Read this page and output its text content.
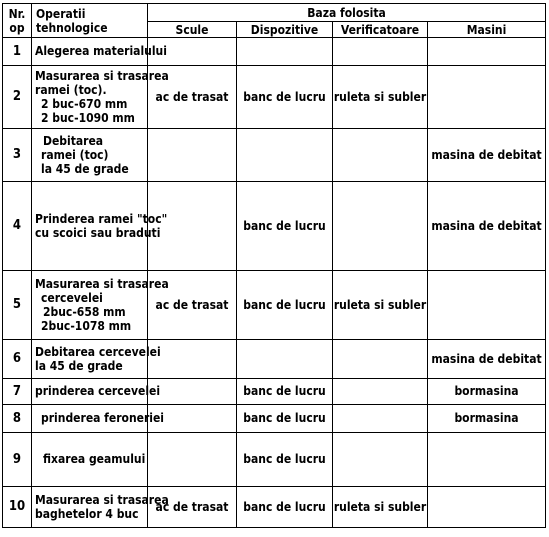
Nr.
op	Operatii tehnologice	Baza folosita			
		Scule	Dispozitive	Verificatoare	Masini
1	Alegerea materialului				

2	Masurarea si trasarea
ramei (toc).
2 buc-670 mm
2 buc-1090 mm	ac de trasat	banc de lucru	ruleta si subler	
3	Debitarea
ramei (toc)
la 45 de grade				masina de debitat
4	Prinderea ramei "toc"
cu scoici sau braduti		banc de lucru		masina de debitat
5	Masurarea si trasarea
cercevelei
2buc-658 mm
2buc-1078 mm	ac de trasat	banc de lucru	ruleta si subler	
6	Debitarea cercevelei
la 45 de grade				masina de debitat
7	prinderea cercevelei		banc de lucru		bormasina
8	prinderea feroneriei		banc de lucru		bormasina
9	fixarea geamului		banc de lucru		
10	Masurarea si trasarea
baghetelor 4 buc	ac de trasat	banc de lucru	ruleta si subler	
